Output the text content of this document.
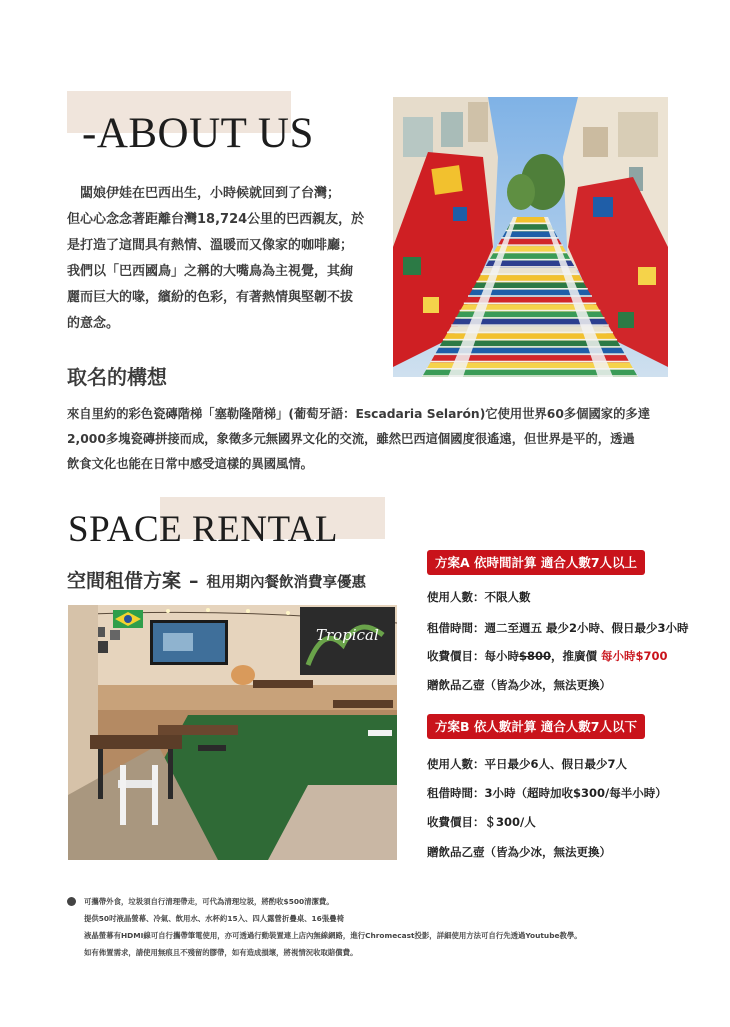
-ABOUT US

　闆娘伊娃在巴西出生，小時候就回到了台灣；

但心心念念著距離台灣18,724公里的巴西親友，於

是打造了這間具有熱情、溫暖而又像家的咖啡廳；

我們以「巴西國鳥」之稱的大嘴鳥為主視覺，其絢

麗而巨大的喙，繽紛的色彩，有著熱情與堅韌不拔

的意念。

取名的構想

來自里約的彩色瓷磚階梯「塞勒隆階梯」(葡萄牙語：Escadaria Selarón)它使用世界60多個國家的多達

2,000多塊瓷磚拼接而成，象徵多元無國界文化的交流，雖然巴西這個國度很遙遠，但世界是平的，透過

飲食文化也能在日常中感受這樣的異國風情。

SPACE RENTAL
空間租借方案 – 租用期內餐飲消費享優惠
Tropical
方案A 依時間計算 適合人數7人以上
使用人數：不限人數
租借時間：週二至週五 最少2小時、假日最少3小時
收費價目：每小時$800，推廣價 每小時$700
贈飲品乙壺（皆為少冰，無法更換）
方案B 依人數計算 適合人數7人以下
使用人數：平日最少6人、假日最少7人
租借時間：3小時（超時加收$300/每半小時）
收費價目：＄300/人
贈飲品乙壺（皆為少冰，無法更換）

可攜帶外食，垃圾須自行清理帶走，可代為清理垃圾，將酌收$500清潔費。

提供50吋液晶螢幕、冷氣、飲用水、水杯約15入、四人露營折疊桌、16張疊椅

液晶螢幕有HDMI線可自行攜帶筆電使用，亦可透過行動裝置連上店內無線網路，進行Chromecast投影，詳細使用方法可自行先透過Youtube教學。

如有佈置需求，請使用無痕且不殘留的膠帶，如有造成損壞，將視情況收取賠償費。
